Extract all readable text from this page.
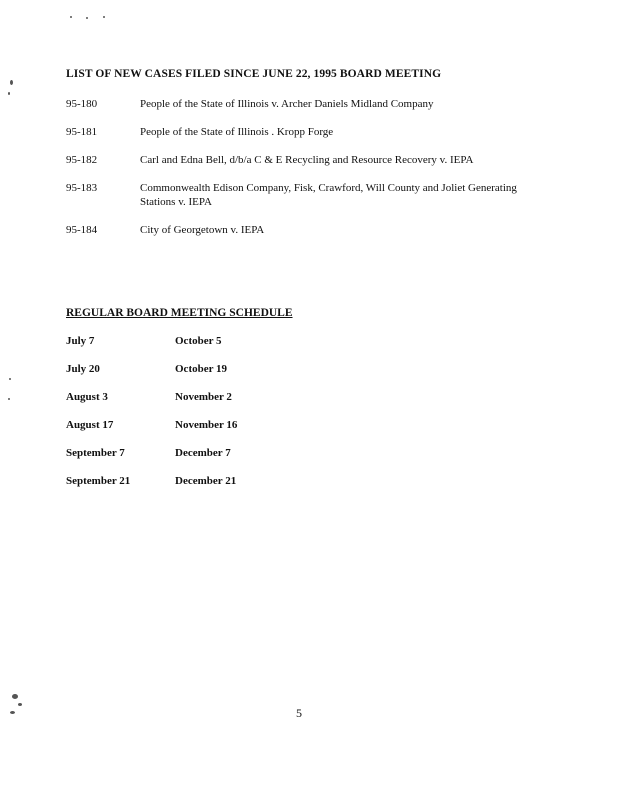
LIST OF NEW CASES FILED SINCE JUNE 22, 1995 BOARD MEETING
95-180	People of the State of Illinois v. Archer Daniels Midland Company
95-181	People of the State of Illinois . Kropp Forge
95-182	Carl and Edna Bell, d/b/a C & E Recycling and Resource Recovery v. IEPA
95-183	Commonwealth Edison Company, Fisk, Crawford, Will County and Joliet Generating Stations v. IEPA
95-184	City of Georgetown v. IEPA
REGULAR BOARD MEETING SCHEDULE
July 7	October 5
July 20	October 19
August 3	November 2
August 17	November 16
September 7	December 7
September 21	December 21
5
